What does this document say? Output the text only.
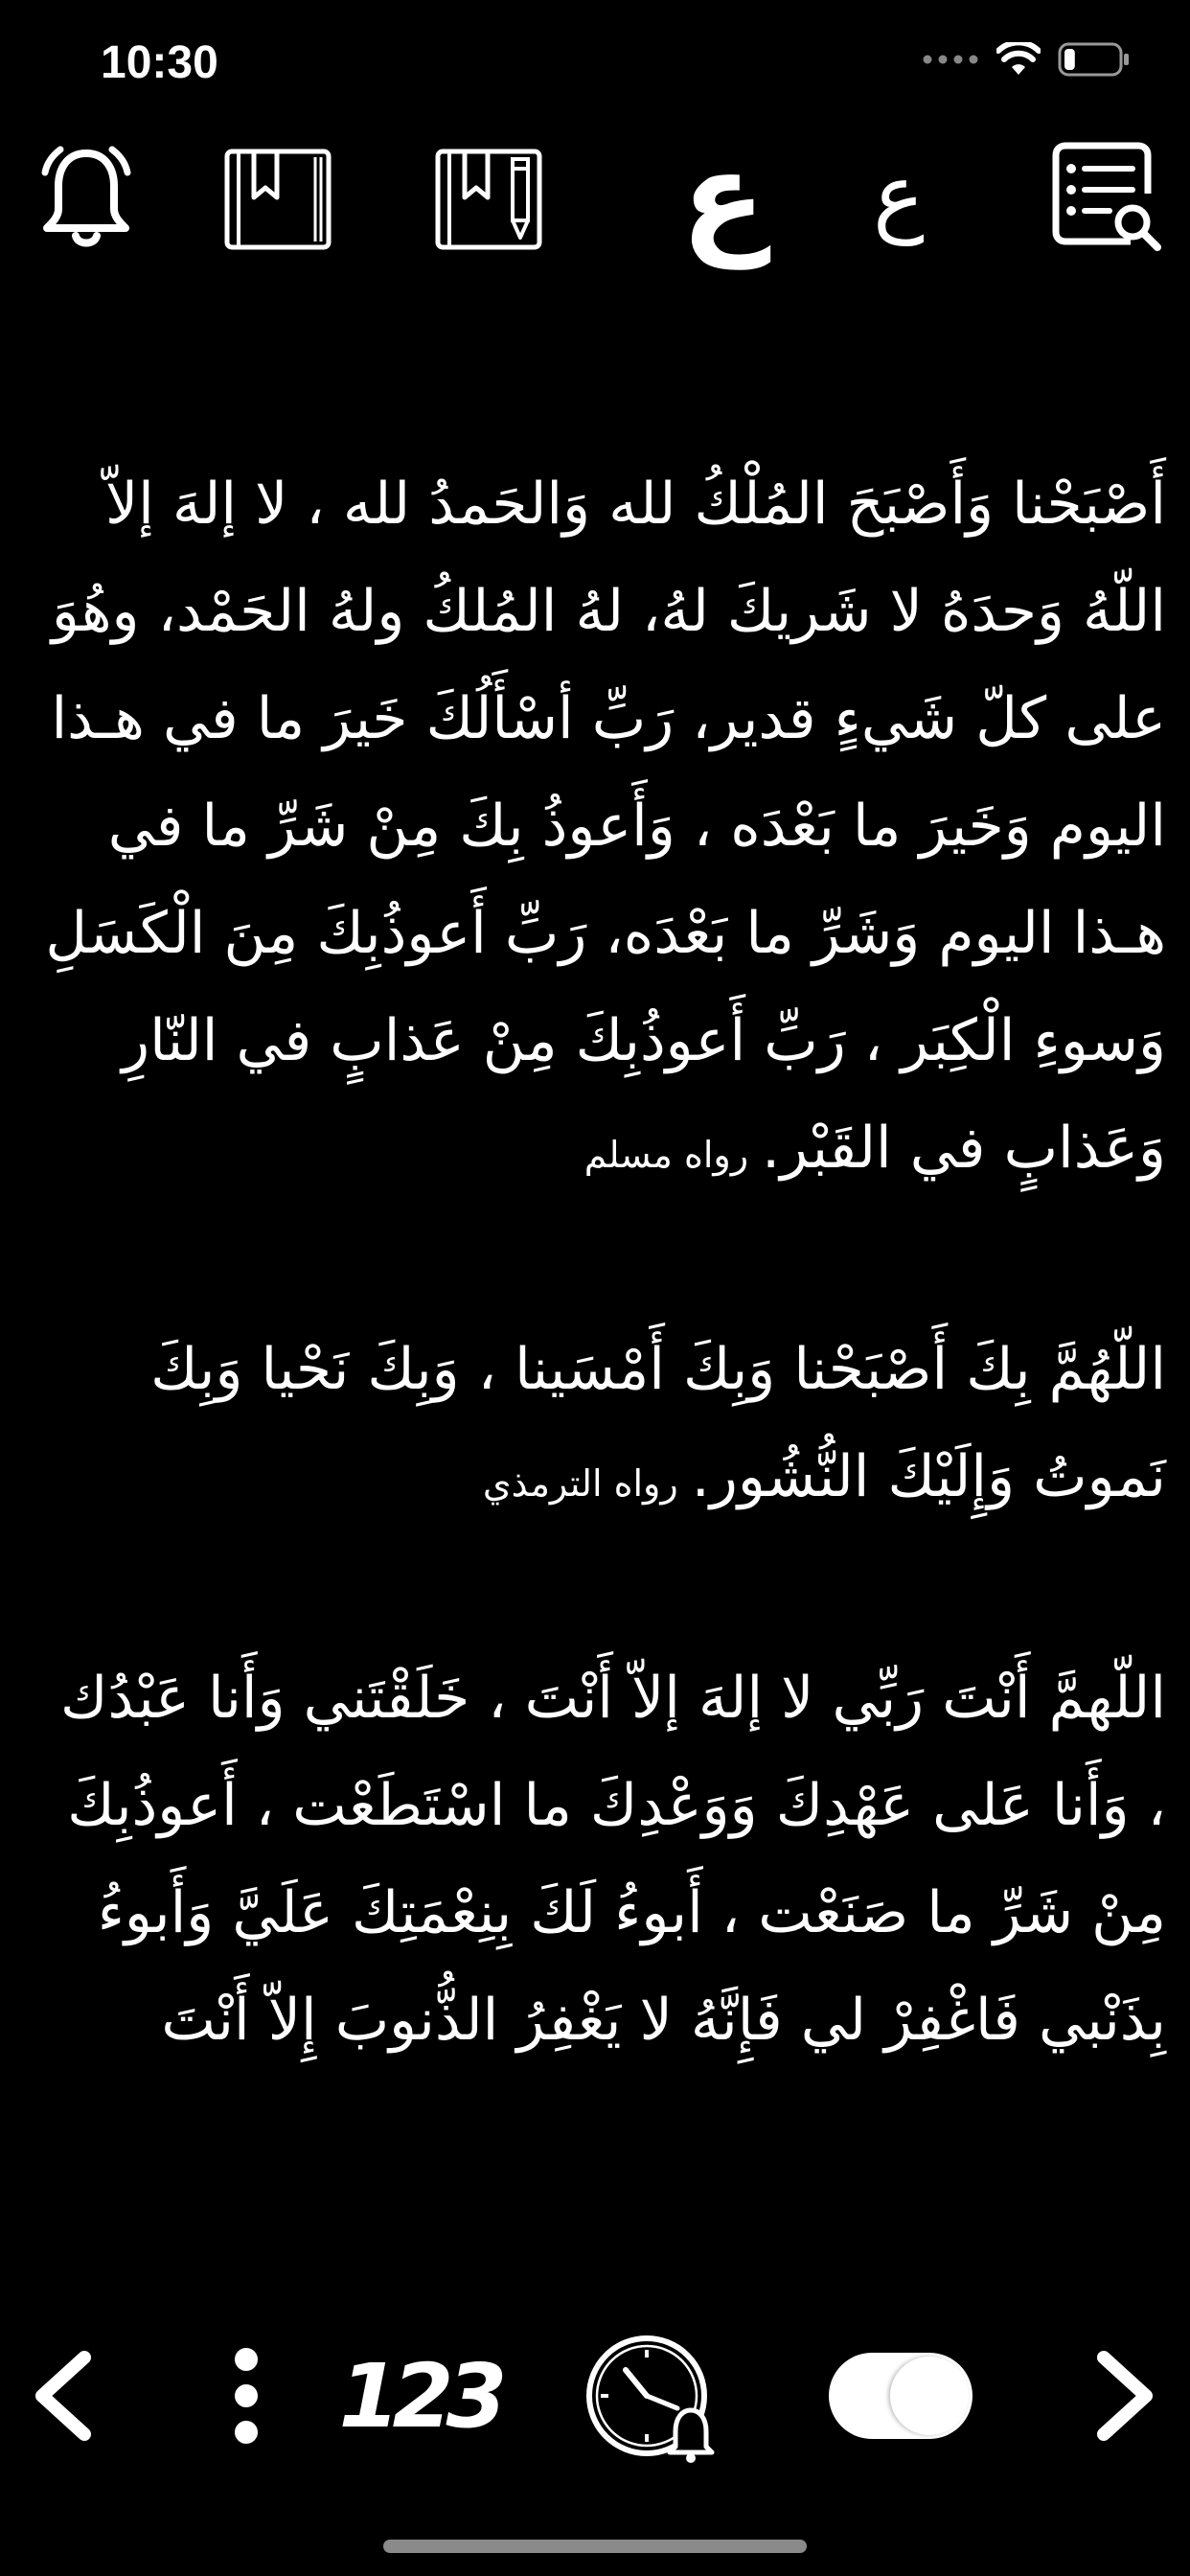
10:30
ع ع

أَصْبَحْنا وَأَصْبَحَ المُلْكُ لله وَالحَمدُ لله ، لا إلهَ إلاّ اللّهُ وَحدَهُ لا شَريكَ لهُ، لهُ المُلكُ ولهُ الحَمْد، وهُوَ على كلّ شَيءٍ قدير، رَبِّ أسْأَلُكَ خَيرَ ما في هـذا اليوم وَخَيرَ ما بَعْدَه ، وَأَعوذُ بِكَ مِنْ شَرِّ ما في هـذا اليوم وَشَرِّ ما بَعْدَه، رَبِّ أَعوذُبِكَ مِنَ الْكَسَلِ وَسوءِ الْكِبَر ، رَبِّ أَعوذُبِكَ مِنْ عَذابٍ في النّارِ وَعَذابٍ في القَبْر.رواه مسلم

اللّهُمَّ بِكَ أَصْبَحْنا وَبِكَ أَمْسَينا ، وَبِكَ نَحْيا وَبِكَ نَموتُ وَإِلَيْكَ النُّشُور.رواه الترمذي

اللّهمَّ أَنْتَ رَبِّي لا إلهَ إلاّ أَنْتَ ، خَلَقْتَني وَأَنا عَبْدُك ، وَأَنا عَلى عَهْدِكَ وَوَعْدِكَ ما اسْتَطَعْت ، أَعوذُبِكَ مِنْ شَرِّ ما صَنَعْت ، أَبوءُ لَكَ بِنِعْمَتِكَ عَلَيَّ وَأَبوءُ بِذَنْبي فَاغْفِرْ لي فَإِنَّهُ لا يَغْفِرُ الذُّنوبَ إِلاّ أَنْتَ

123
